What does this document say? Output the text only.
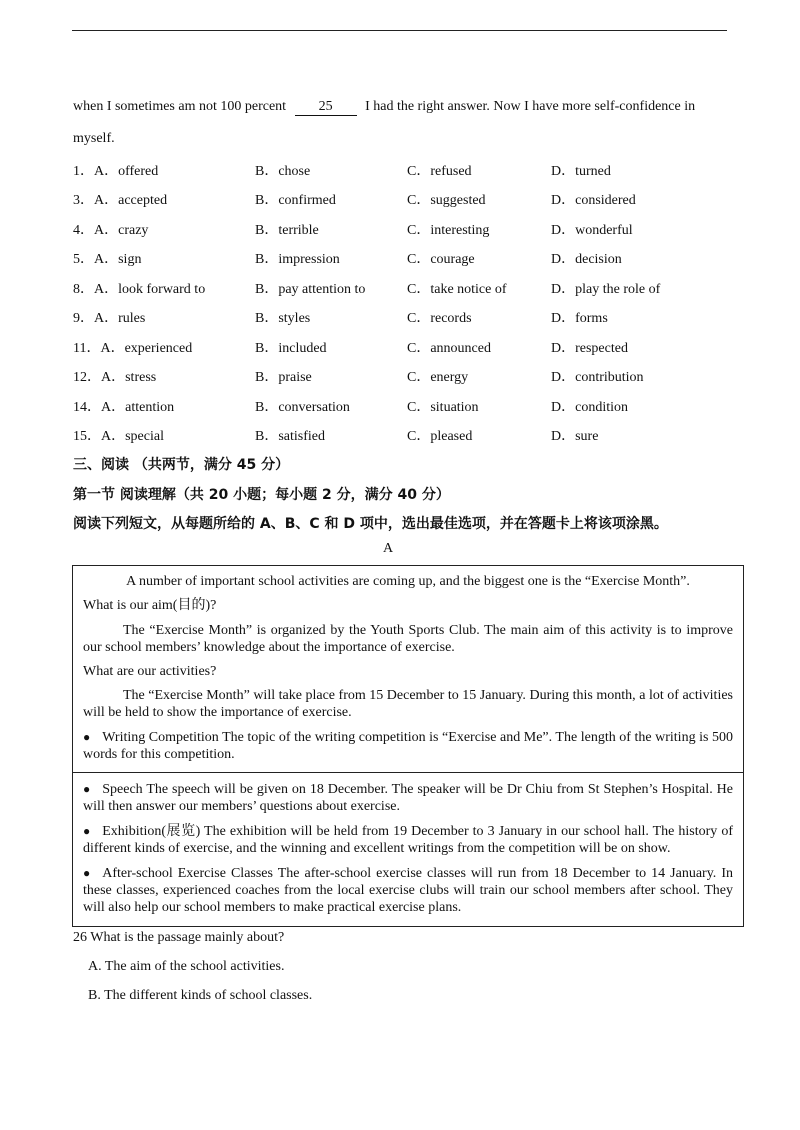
when I sometimes am not 100 percent 25 I had the right answer. Now I have more self-confidence in
myself.
1．A．offered	B．chose	C．refused	D．turned
3．A．accepted	B．confirmed	C．suggested	D．considered
4．A．crazy	B．terrible	C．interesting	D．wonderful
5．A．sign	B．impression	C．courage	D．decision
8．A．look forward to	B．pay attention to	C．take notice of	D．play the role of
9．A．rules	B．styles	C．records	D．forms
11．A．experienced	B．included	C．announced	D．respected
12．A．stress	B．praise	C．energy	D．contribution
14．A．attention	B．conversation	C．situation	D．condition
15．A．special	B．satisfied	C．pleased	D．sure
三、阅读 （共两节，满分 45 分）
第一节 阅读理解（共 20 小题；每小题 2 分，满分 40 分）
阅读下列短文，从每题所给的 A、B、C 和 D 项中，选出最佳选项，并在答题卡上将该项涂黑。
A

A number of important school activities are coming up, and the biggest one is the “Exercise Month”.

What is our aim(目的)?

The “Exercise Month” is organized by the Youth Sports Club. The main aim of this activity is to improve our school members’ knowledge about the importance of exercise.

What are our activities?

The “Exercise Month” will take place from 15 December to 15 January. During this month, a lot of activities will be held to show the importance of exercise.

● Writing Competition The topic of the writing competition is “Exercise and Me”. The length of the writing is 500 words for this competition.

● Speech The speech will be given on 18 December. The speaker will be Dr Chiu from St Stephen’s Hospital. He will then answer our members’ questions about exercise.

● Exhibition(展览) The exhibition will be held from 19 December to 3 January in our school hall. The history of different kinds of exercise, and the winning and excellent writings from the competition will be on show.

● After-school Exercise Classes The after-school exercise classes will run from 18 December to 14 January. In these classes, experienced coaches from the local exercise clubs will train our school members after school. They will also help our school members to make practical exercise plans.

26 What is the passage mainly about?
A. The aim of the school activities.
B. The different kinds of school classes.
